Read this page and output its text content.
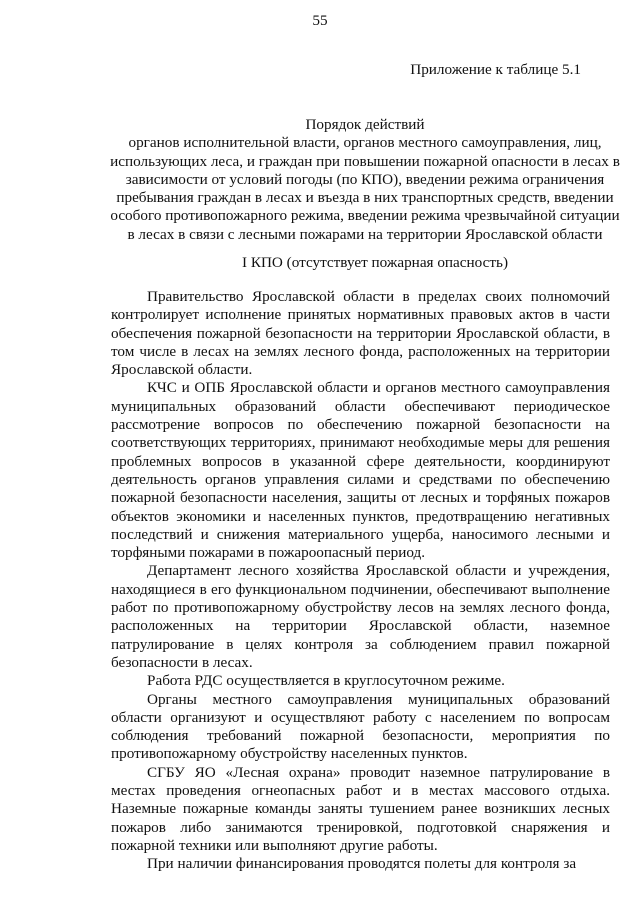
55
Приложение к таблице 5.1
Порядок действий
органов исполнительной власти, органов местного самоуправления, лиц,
использующих леса, и граждан при повышении пожарной опасности в лесах в
зависимости от условий погоды (по КПО), введении режима ограничения
пребывания граждан в лесах и въезда в них транспортных средств, введении
особого противопожарного режима, введении режима чрезвычайной ситуации
в лесах в связи с лесными пожарами на территории Ярославской области
I КПО (отсутствует пожарная опасность)

Правительство Ярославской области в пределах своих полномочий контролирует исполнение принятых нормативных правовых актов в части обеспечения пожарной безопасности на территории Ярославской области, в том числе в лесах на землях лесного фонда, расположенных на территории Ярославской области.

КЧС и ОПБ Ярославской области и органов местного самоуправления муниципальных образований области обеспечивают периодическое рассмотрение вопросов по обеспечению пожарной безопасности на соответствующих территориях, принимают необходимые меры для решения проблемных вопросов в указанной сфере деятельности, координируют деятельность органов управления силами и средствами по обеспечению пожарной безопасности населения, защиты от лесных и торфяных пожаров объектов экономики и населенных пунктов, предотвращению негативных последствий и снижения материального ущерба, наносимого лесными и торфяными пожарами в пожароопасный период.

Департамент лесного хозяйства Ярославской области и учреждения, находящиеся в его функциональном подчинении, обеспечивают выполнение работ по противопожарному обустройству лесов на землях лесного фонда, расположенных на территории Ярославской области, наземное патрулирование в целях контроля за соблюдением правил пожарной безопасности в лесах.

Работа РДС осуществляется в круглосуточном режиме.

Органы местного самоуправления муниципальных образований области организуют и осуществляют работу с населением по вопросам соблюдения требований пожарной безопасности, мероприятия по противопожарному обустройству населенных пунктов.

СГБУ ЯО «Лесная охрана» проводит наземное патрулирование в местах проведения огнеопасных работ и в местах массового отдыха. Наземные пожарные команды заняты тушением ранее возникших лесных пожаров либо занимаются тренировкой, подготовкой снаряжения и пожарной техники или выполняют другие работы.

При наличии финансирования проводятся полеты для контроля за
